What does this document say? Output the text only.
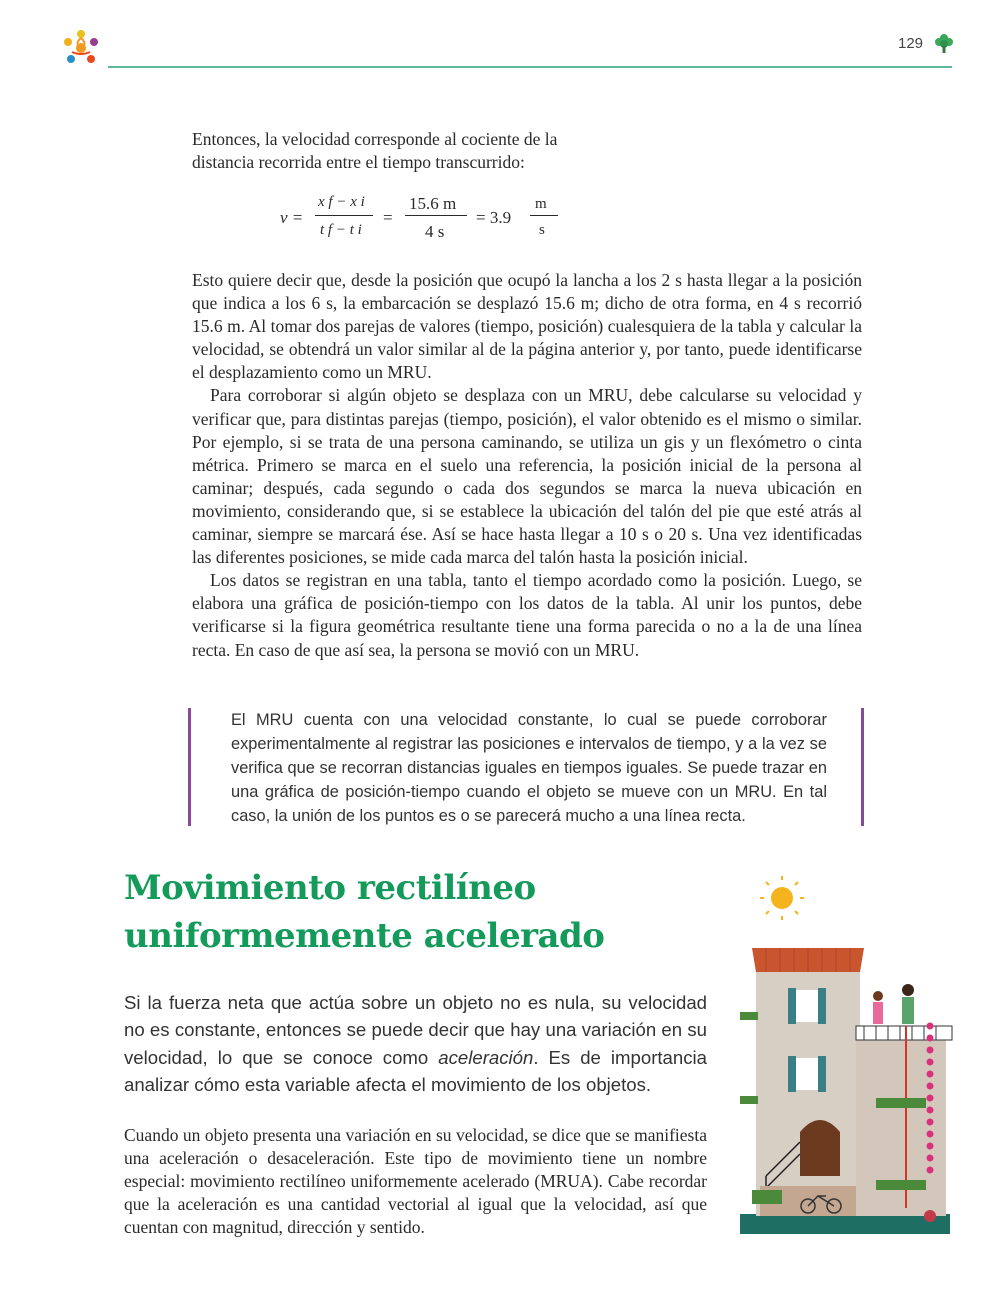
129

Entonces, la velocidad corresponde al cociente de la

distancia recorrida entre el tiempo transcurrido:

v =
x f − x i
t f − t i
=
15.6 m
4 s
= 3.9
m
s

Esto quiere decir que, desde la posición que ocupó la lancha a los 2 s hasta llegar a la posición que indica a los 6 s, la embarcación se desplazó 15.6 m; dicho de otra forma, en 4 s recorrió 15.6 m. Al tomar dos parejas de valores (tiempo, posición) cualesquiera de la tabla y calcular la velocidad, se obtendrá un valor similar al de la página anterior y, por tanto, puede identificarse el desplazamiento como un MRU.

Para corroborar si algún objeto se desplaza con un MRU, debe calcularse su velocidad y verificar que, para distintas parejas (tiempo, posición), el valor obtenido es el mismo o similar. Por ejemplo, si se trata de una persona caminando, se utiliza un gis y un flexómetro o cinta métrica. Primero se marca en el suelo una referencia, la posición inicial de la persona al caminar; después, cada segundo o cada dos segundos se marca la nueva ubicación en movimiento, considerando que, si se establece la ubicación del talón del pie que esté atrás al caminar, siempre se marcará ése. Así se hace hasta llegar a 10 s o 20 s. Una vez identificadas las diferentes posiciones, se mide cada marca del talón hasta la posición inicial.

Los datos se registran en una tabla, tanto el tiempo acordado como la posición. Luego, se elabora una gráfica de posición-tiempo con los datos de la tabla. Al unir los puntos, debe verificarse si la figura geométrica resultante tiene una forma parecida o no a la de una línea recta. En caso de que así sea, la persona se movió con un MRU.

El MRU cuenta con una velocidad constante, lo cual se puede corroborar experimentalmente al registrar las posiciones e intervalos de tiempo, y a la vez se verifica que se recorran distancias iguales en tiempos iguales. Se puede trazar en una gráfica de posición-tiempo cuando el objeto se mueve con un MRU. En tal caso, la unión de los puntos es o se parecerá mucho a una línea recta.
Movimiento rectilíneo
uniformemente acelerado
Si la fuerza neta que actúa sobre un objeto no es nula, su velocidad no es constante, entonces se puede decir que hay una variación en su velocidad, lo que se conoce como aceleración. Es de importancia analizar cómo esta variable afecta el movimiento de los objetos.
Cuando un objeto presenta una variación en su velocidad, se dice que se manifiesta una aceleración o desaceleración. Este tipo de movimiento tiene un nombre especial: movimiento rectilíneo uniformemente acelerado (MRUA). Cabe recordar que la aceleración es una cantidad vectorial al igual que la velocidad, así que cuentan con magnitud, dirección y sentido.
